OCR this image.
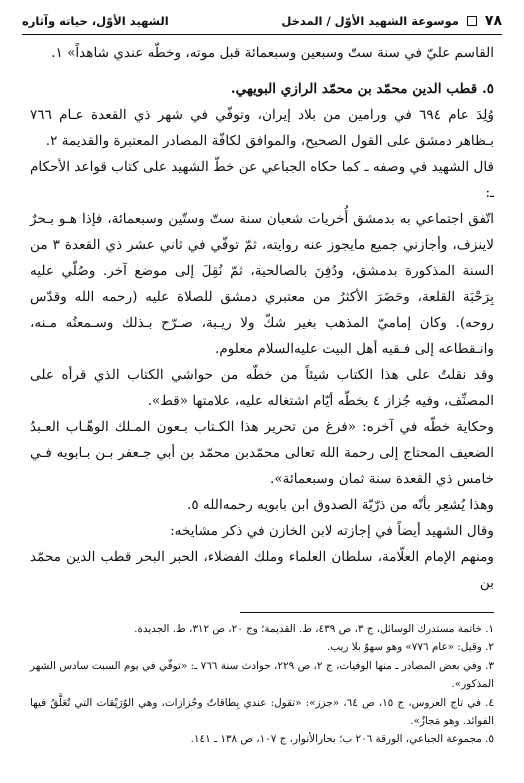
٧٨
موسوعة الشهيد الأوّل / المدخل
الشهيد الأوّل، حياته وآثاره

القاسم عليّ في سنة ستّ وسبعين وسبعمائة قبل موته، وخطّه عندي شاهداً» ١.

٥. قطب الدين محمّد بن محمّد الرازي البويهي.

وُلِدَ عام ٦٩٤ في ورامين من بلاد إيران، وتوفّي في شهر ذي القعدة عـام ٧٦٦ بـظاهر دمشق على القول الصحيح، والموافق لكافّة المصادر المعتبرة والقديمة ٢.

قال الشهيد في وصفه ـ كما حكاه الجباعي عن خطّ الشهيد على كتاب قواعد الأحكام ـ:

اتّفق اجتماعي به بدمشق أُخريات شعبان سنة ستّ وستّين وسبعمائة، فإذا هـو بـحرٌ لاينزف، وأجازني جميع مايجوز عنه روايته، ثمّ توفّي في ثاني عشر ذي القعدة ٣ من السنة المذكورة بدمشق، ودُفِنَ بالصالحية، ثمّ نُقِلَ إلى موضع آخر. وصُلّي عليه بِرَحْبَة القلعة، وحَضَرَ الأكثرُ من معتبري دمشق للصلاة عليه (رحمه الله وقدّس روحه). وكان إماميّ المذهب بغير شكّ ولا ريـبة، صـرّح بـذلك وسـمعتُه مـنه، وانـقطاعه إلى فـقيه أهل البيت عليه‌السلام معلوم.

وقد نقلتُ على هذا الكتاب شيئاً من خطّه من حواشي الكتاب الذي قرأه على المصنِّف، وفيه جُزاز ٤ بخطّه أيّام اشتغاله عليه، علامتها «قط».

وحكاية خطّه في آخره: «فرغ من تحرير هذا الكـتاب بـعون المـلك الوهّـاب العـبدُ الضعيف المحتاج إلى رحمة الله تعالى محمّدبن محمّد بن أبي جـعفر بـن بـابويه فـي خامس ذي القعدة سنة ثمان وسبعمائة».

وهذا يُشعِر بأنّه من ذرّيّة الصدوق ابن بابويه رحمه‌الله ٥.

وقال الشهيد أيضاً في إجازته لابن الخازن في ذكر مشايخه:

ومنهم الإمام العلّامة، سلطان العلماء وملك الفضلاء، الحبر البحر قطب الدين محمّد بن

١. خاتمة مستدرك الوسائل، ج ٣، ص ٤٣٩، ط. القديمة؛ وج ٢٠، ص ٣١٢، ط. الجديدة.

٢. وقيل: «عام ٧٧٦» وهو سهوٌ بلا ريب.

٣. وفي بعض المصادر ـ منها الوفيات، ج ٢، ص ٢٢٩، حوادث سنة ٧٦٦ ـ: «توفّي في يوم السبت سادس الشهر المذكور».

٤. في تاج العروس، ج ١٥، ص ٦٤، «جزز»: «تقول: عندي بِطاقاتٌ وجُزازات، وهي الوُرَيْقات التي تُعَلَّقُ فيها الفوائد. وهو مَجازٌ».

٥. مجموعة الجباعي، الورقة ٢٠٦ ب؛ بحارالأنوار، ج ١٠٧، ص ١٣٨ ـ ١٤١.
